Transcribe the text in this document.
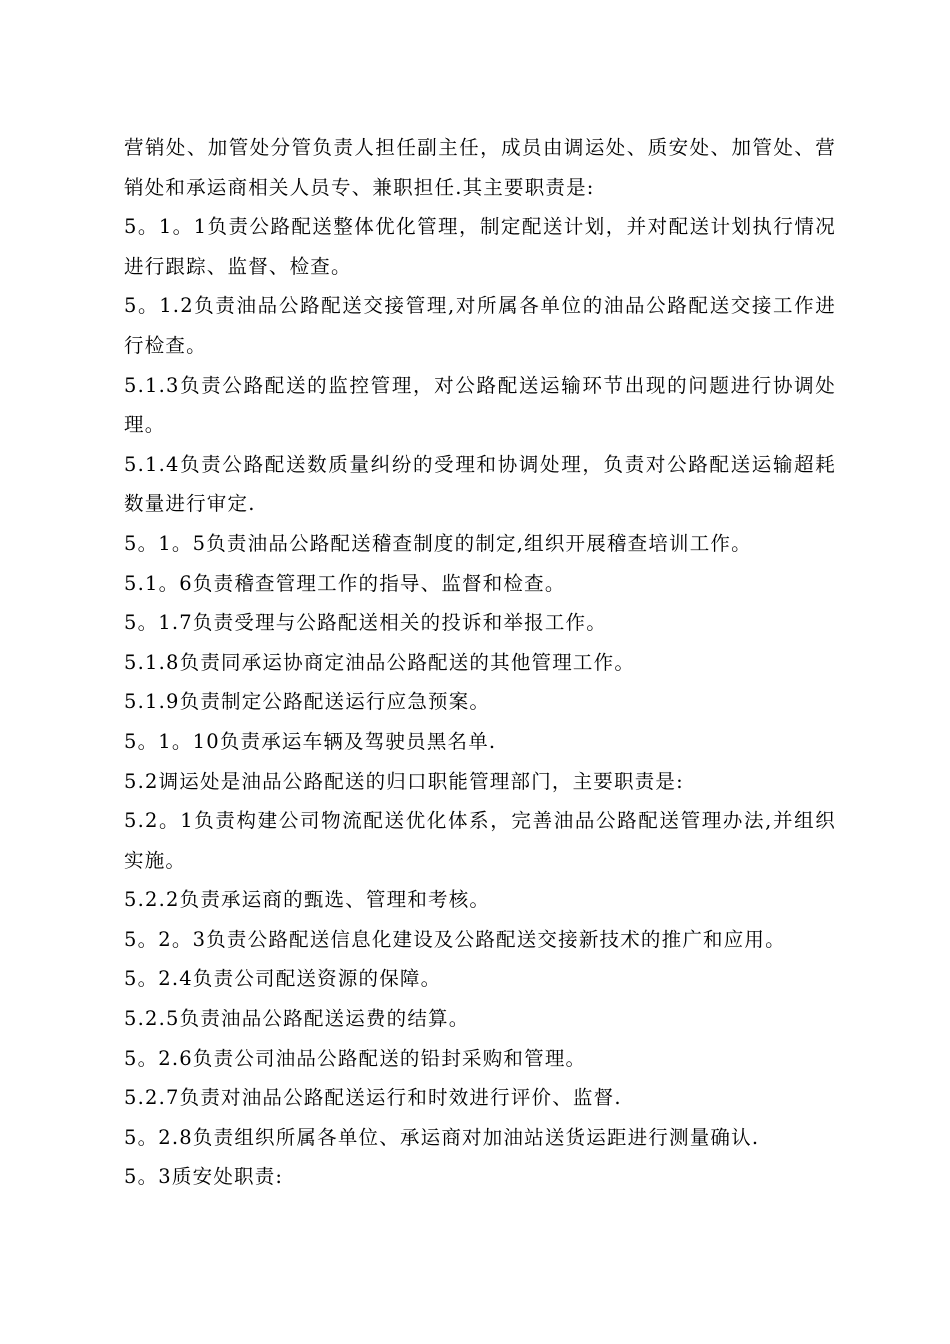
营销处、加管处分管负责人担任副主任，成员由调运处、质安处、加管处、营销处和承运商相关人员专、兼职担任.其主要职责是:

5。1。1负责公路配送整体优化管理，制定配送计划，并对配送计划执行情况进行跟踪、监督、检查。

5。1.2负责油品公路配送交接管理,对所属各单位的油品公路配送交接工作进行检查。

5.1.3负责公路配送的监控管理，对公路配送运输环节出现的问题进行协调处理。

5.1.4负责公路配送数质量纠纷的受理和协调处理，负责对公路配送运输超耗数量进行审定.

5。1。5负责油品公路配送稽查制度的制定,组织开展稽查培训工作。

5.1。6负责稽查管理工作的指导、监督和检查。

5。1.7负责受理与公路配送相关的投诉和举报工作。

5.1.8负责同承运协商定油品公路配送的其他管理工作。

5.1.9负责制定公路配送运行应急预案。

5。1。10负责承运车辆及驾驶员黑名单.

5.2调运处是油品公路配送的归口职能管理部门，主要职责是:

5.2。1负责构建公司物流配送优化体系，完善油品公路配送管理办法,并组织实施。

5.2.2负责承运商的甄选、管理和考核。

5。2。3负责公路配送信息化建设及公路配送交接新技术的推广和应用。

5。2.4负责公司配送资源的保障。

5.2.5负责油品公路配送运费的结算。

5。2.6负责公司油品公路配送的铅封采购和管理。

5.2.7负责对油品公路配送运行和时效进行评价、监督.

5。2.8负责组织所属各单位、承运商对加油站送货运距进行测量确认.

5。3质安处职责:
